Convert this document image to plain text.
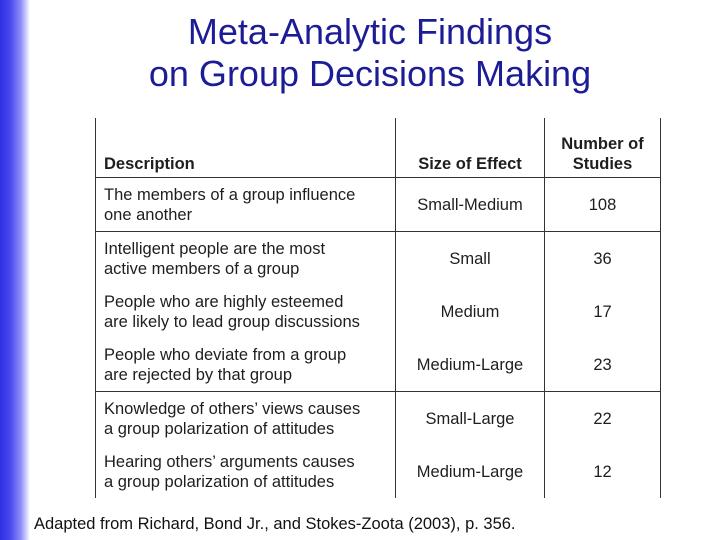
Meta-Analytic Findings
on Group Decisions Making
Description	Size of Effect	Number of
Studies

The members of a group influence
one another	Small-Medium	108

Intelligent people are the most
active members of a group	Small	36

People who are highly esteemed
are likely to lead group discussions	Medium	17

People who deviate from a group
are rejected by that group	Medium-Large	23

Knowledge of others’ views causes
a group polarization of attitudes	Small-Large	22

Hearing others’ arguments causes
a group polarization of attitudes	Medium-Large	12

Adapted from Richard, Bond Jr., and Stokes-Zoota (2003), p. 356.
